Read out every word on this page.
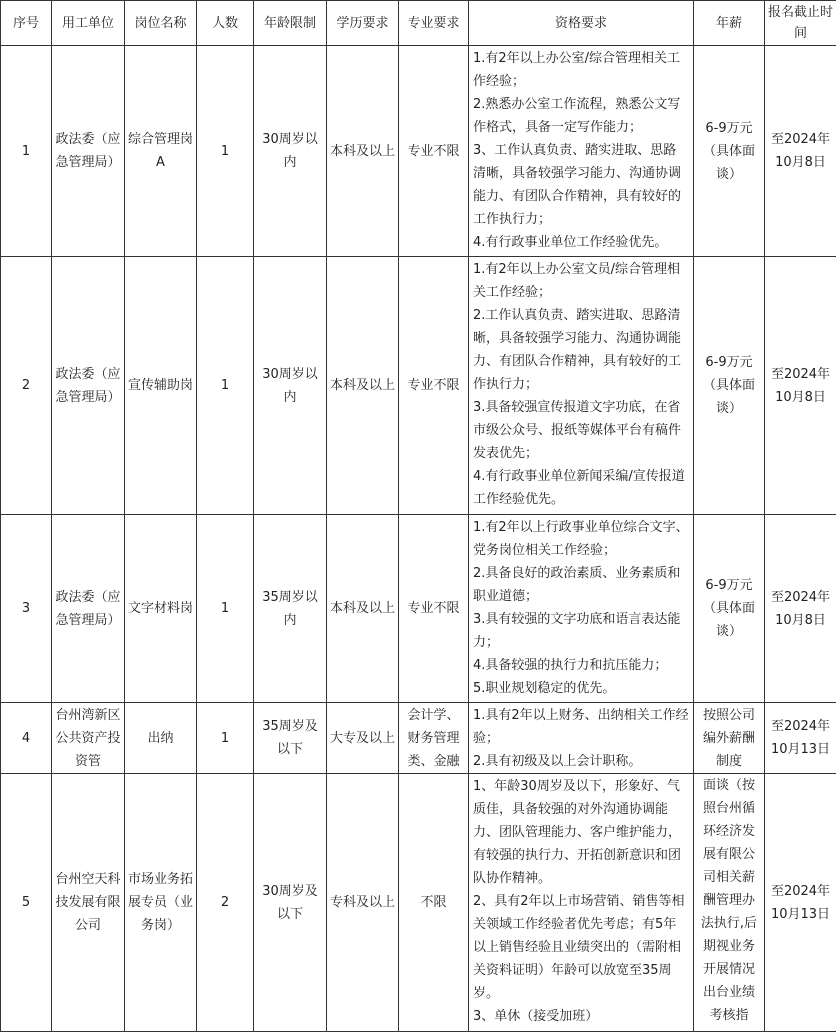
序号	用工单位	岗位名称	人数	年龄限制	学历要求	专业要求	资格要求	年薪	报名截止时间
1	政法委（应急管理局）	综合管理岗A	1	30周岁以内	本科及以上	专业不限	1.有2年以上办公室/综合管理相关工作经验；

2.熟悉办公室工作流程，熟悉公文写作格式，具备一定写作能力；

3、工作认真负责、踏实进取、思路清晰，具备较强学习能力、沟通协调能力、有团队合作精神，具有较好的工作执行力；

4.有行政事业单位工作经验优先。	6-9万元（具体面谈）	至2024年10月8日
2	政法委（应急管理局）	宣传辅助岗	1	30周岁以内	本科及以上	专业不限	1.有2年以上办公室文员/综合管理相关工作经验；

2.工作认真负责、踏实进取、思路清晰，具备较强学习能力、沟通协调能力、有团队合作精神，具有较好的工作执行力；

3.具备较强宣传报道文字功底，在省市级公众号、报纸等媒体平台有稿件发表优先；

4.有行政事业单位新闻采编/宣传报道工作经验优先。	6-9万元（具体面谈）	至2024年10月8日
3	政法委（应急管理局）	文字材料岗	1	35周岁以内	本科及以上	专业不限	1.有2年以上行政事业单位综合文字、党务岗位相关工作经验；

2.具备良好的政治素质、业务素质和职业道德；

3.具有较强的文字功底和语言表达能力；

4.具备较强的执行力和抗压能力；

5.职业规划稳定的优先。	6-9万元（具体面谈）	至2024年10月8日
4	台州湾新区公共资产投资管	出纳	1	35周岁及以下	大专及以上	会计学、财务管理类、金融	1.具有2年以上财务、出纳相关工作经验；

2.具有初级及以上会计职称。	按照公司编外薪酬制度	至2024年10月13日
5	台州空天科技发展有限公司	市场业务拓展专员（业务岗）	2	30周岁及以下	专科及以上	不限	1、年龄30周岁及以下，形象好、气质佳，具备较强的对外沟通协调能力、团队管理能力、客户维护能力，有较强的执行力、开拓创新意识和团队协作精神。

2、具有2年以上市场营销、销售等相关领域工作经验者优先考虑；有5年以上销售经验且业绩突出的（需附相关资料证明）年龄可以放宽至35周岁。

3、单休（接受加班）	面谈（按照台州循环经济发展有限公司相关薪酬管理办法执行,后期视业务开展情况出台业绩考核指	至2024年10月13日
